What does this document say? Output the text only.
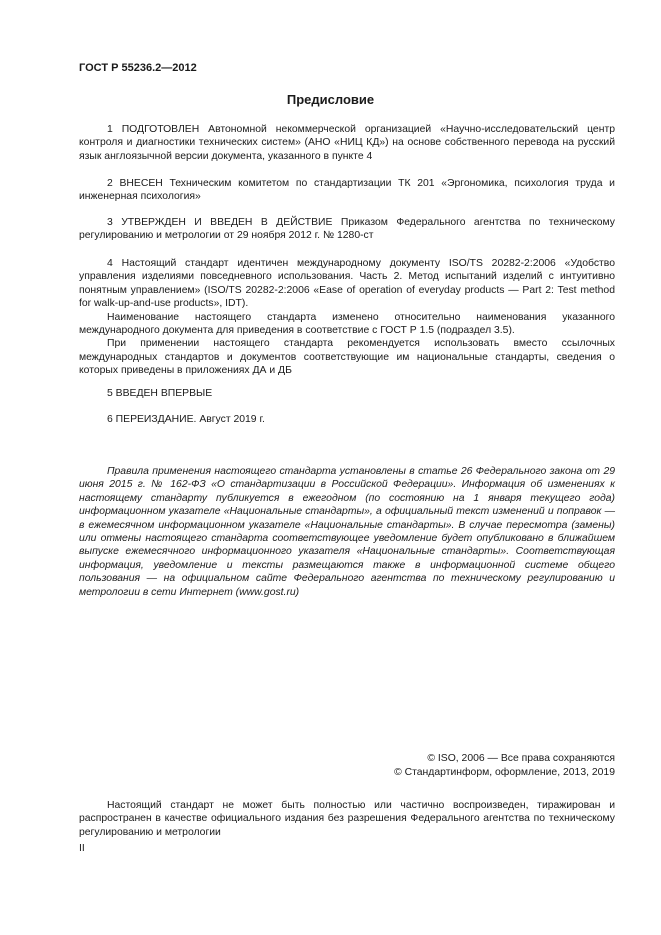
ГОСТ Р 55236.2—2012
Предисловие

1 ПОДГОТОВЛЕН Автономной некоммерческой организацией «Научно-исследовательский центр контроля и диагностики технических систем» (АНО «НИЦ КД») на основе собственного перевода на русский язык англоязычной версии документа, указанного в пункте 4

2 ВНЕСЕН Техническим комитетом по стандартизации ТК 201 «Эргономика, психология труда и инженерная психология»

3 УТВЕРЖДЕН И ВВЕДЕН В ДЕЙСТВИЕ Приказом Федерального агентства по техническому регулированию и метрологии от 29 ноября 2012 г. № 1280-ст

4 Настоящий стандарт идентичен международному документу ISO/TS 20282-2:2006 «Удобство управления изделиями повседневного использования. Часть 2. Метод испытаний изделий с интуитивно понятным управлением» (ISO/TS 20282-2:2006 «Ease of operation of everyday products — Part 2: Test method for walk-up-and-use products», IDT).

Наименование настоящего стандарта изменено относительно наименования указанного международного документа для приведения в соответствие с ГОСТ Р 1.5 (подраздел 3.5).

При применении настоящего стандарта рекомендуется использовать вместо ссылочных международных стандартов и документов соответствующие им национальные стандарты, сведения о которых приведены в приложениях ДА и ДБ

5 ВВЕДЕН ВПЕРВЫЕ

6 ПЕРЕИЗДАНИЕ. Август 2019 г.

Правила применения настоящего стандарта установлены в статье 26 Федерального закона от 29 июня 2015 г. № 162-ФЗ «О стандартизации в Российской Федерации». Информация об изменениях к настоящему стандарту публикуется в ежегодном (по состоянию на 1 января текущего года) информационном указателе «Национальные стандарты», а официальный текст изменений и поправок — в ежемесячном информационном указателе «Национальные стандарты». В случае пересмотра (замены) или отмены настоящего стандарта соответствующее уведомление будет опубликовано в ближайшем выпуске ежемесячного информационного указателя «Национальные стандарты». Соответствующая информация, уведомление и тексты размещаются также в информационной системе общего пользования — на официальном сайте Федерального агентства по техническому регулированию и метрологии в сети Интернет (www.gost.ru)

© ISO, 2006 — Все права сохраняются
© Стандартинформ, оформление, 2013, 2019

Настоящий стандарт не может быть полностью или частично воспроизведен, тиражирован и распространен в качестве официального издания без разрешения Федерального агентства по техническому регулированию и метрологии

II
